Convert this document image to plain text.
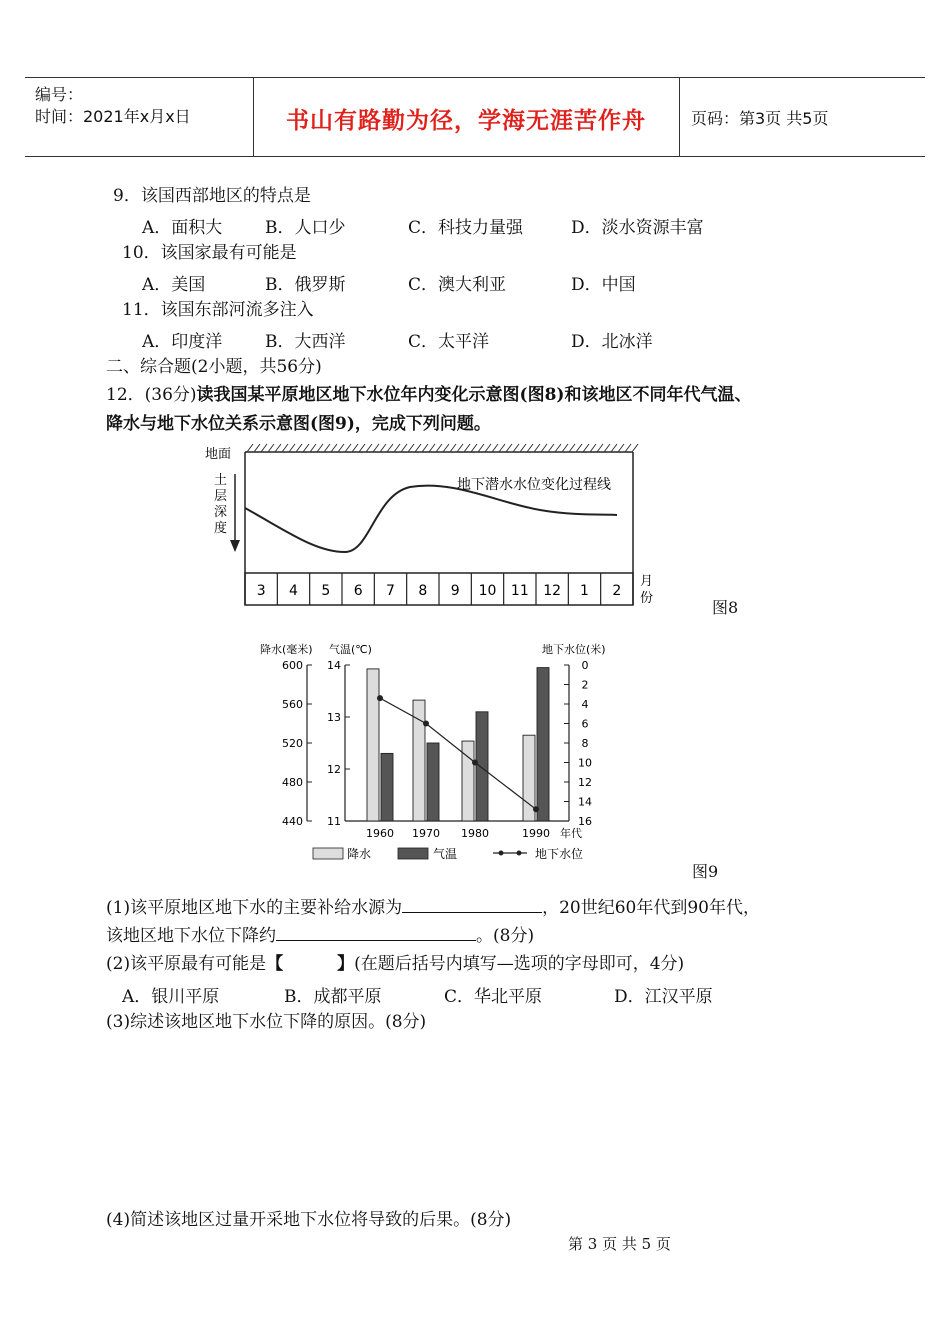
编号：
时间：2021年x月x日	书山有路勤为径，学海无涯苦作舟	页码：第3页 共5页
9．该国西部地区的特点是
A．面积大	B．人口少	C．科技力量强	D．淡水资源丰富
10．该国家最有可能是
A．美国	B．俄罗斯	C．澳大利亚	D．中国
11．该国东部河流多注入
A．印度洋	B．大西洋	C．太平洋	D．北冰洋
二、综合题(2小题，共56分)
12．(36分)读我国某平原地区地下水位年内变化示意图(图8)和该地区不同年代气温、
降水与地下水位关系示意图(图9)，完成下列问题。
地面
土
层
深
度
地下潜水水位变化过程线
3 4 5 6 7 8 9 10 11 12 1 2
月
份	图8
降水(毫米) 气温(℃)	地下水位(米)
600
560
520
480
440
14
13
12
11
0
2
4
6
8
10
12
14
16
1960 1970 1980	1990 年代
降水	气温	地下水位
图9
(1)该平原地区地下水的主要补给水源为	，20世纪60年代到90年代，
该地区地下水位下降约	。(8分)
(2)该平原最有可能是【	】(在题后括号内填写—选项的字母即可，4分)
A．银川平原	B．成都平原	C．华北平原	D．江汉平原
(3)综述该地区地下水位下降的原因。(8分)
(4)简述该地区过量开采地下水位将导致的后果。(8分)
第 3 页 共 5 页
